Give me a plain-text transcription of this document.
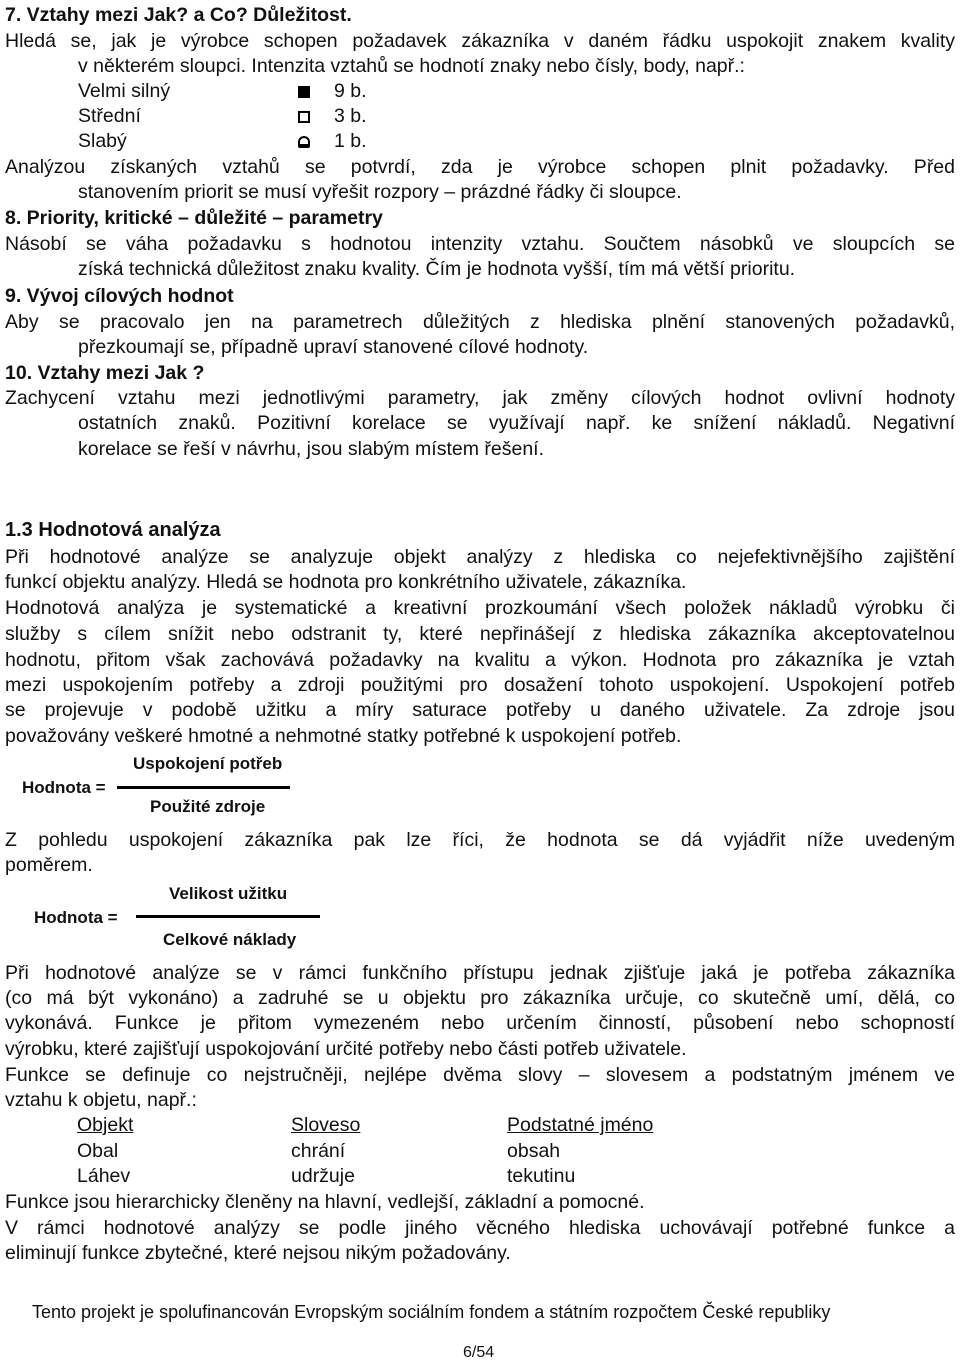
7. Vztahy mezi Jak? a Co? Důležitost.
Hledá se, jak je výrobce schopen požadavek zákazníka v daném řádku uspokojit znakem kvality
v některém sloupci. Intenzita vztahů se hodnotí znaky nebo čísly, body, např.:
Velmi silný	9 b.
Střední	3 b.
Slabý	1 b.
Analýzou získaných vztahů se potvrdí, zda je výrobce schopen plnit požadavky. Před
stanovením priorit se musí vyřešit rozpory – prázdné řádky či sloupce.
8. Priority, kritické – důležité – parametry
Násobí se váha požadavku s hodnotou intenzity vztahu. Součtem násobků ve sloupcích se
získá technická důležitost znaku kvality. Čím je hodnota vyšší, tím má větší prioritu.
9. Vývoj cílových hodnot
Aby se pracovalo jen na parametrech důležitých z hlediska plnění stanovených požadavků,
přezkoumají se, případně upraví stanovené cílové hodnoty.
10. Vztahy mezi Jak ?
Zachycení vztahu mezi jednotlivými parametry, jak změny cílových hodnot ovlivní hodnoty
ostatních znaků. Pozitivní korelace se využívají např. ke snížení nákladů. Negativní
korelace se řeší v návrhu, jsou slabým místem řešení.
1.3 Hodnotová analýza
Při hodnotové analýze se analyzuje objekt analýzy z hlediska co nejefektivnějšího zajištění
funkcí objektu analýzy. Hledá se hodnota pro konkrétního uživatele, zákazníka.
Hodnotová analýza je systematické a kreativní prozkoumání všech položek nákladů výrobku či
služby s cílem snížit nebo odstranit ty, které nepřinášejí z hlediska zákazníka akceptovatelnou
hodnotu, přitom však zachovává požadavky na kvalitu a výkon. Hodnota pro zákazníka je vztah
mezi uspokojením potřeby a zdroji použitými pro dosažení tohoto uspokojení. Uspokojení potřeb
se projevuje v podobě užitku a míry saturace potřeby u daného uživatele. Za zdroje jsou
považovány veškeré hmotné a nehmotné statky potřebné k uspokojení potřeb.
Uspokojení potřeb
Hodnota =
Použité zdroje
Z pohledu uspokojení zákazníka pak lze říci, že hodnota se dá vyjádřit níže uvedeným
poměrem.
Velikost užitku
Hodnota =
Celkové náklady
Při hodnotové analýze se v rámci funkčního přístupu jednak zjišťuje jaká je potřeba zákazníka
(co má být vykonáno) a zadruhé se u objektu pro zákazníka určuje, co skutečně umí, dělá, co
vykonává. Funkce je přitom vymezeném nebo určením činností, působení nebo schopností
výrobku, které zajišťují uspokojování určité potřeby nebo části potřeb uživatele.
Funkce se definuje co nejstručněji, nejlépe dvěma slovy – slovesem a podstatným jménem ve
vztahu k objetu, např.:
Objekt	Sloveso	Podstatné jméno
Obal	chrání	obsah
Láhev	udržuje	tekutinu
Funkce jsou hierarchicky členěny na hlavní, vedlejší, základní a pomocné.
V rámci hodnotové analýzy se podle jiného věcného hlediska uchovávají potřebné funkce a
eliminují funkce zbytečné, které nejsou nikým požadovány.
Tento projekt je spolufinancován Evropským sociálním fondem a státním rozpočtem České republiky
6/54
